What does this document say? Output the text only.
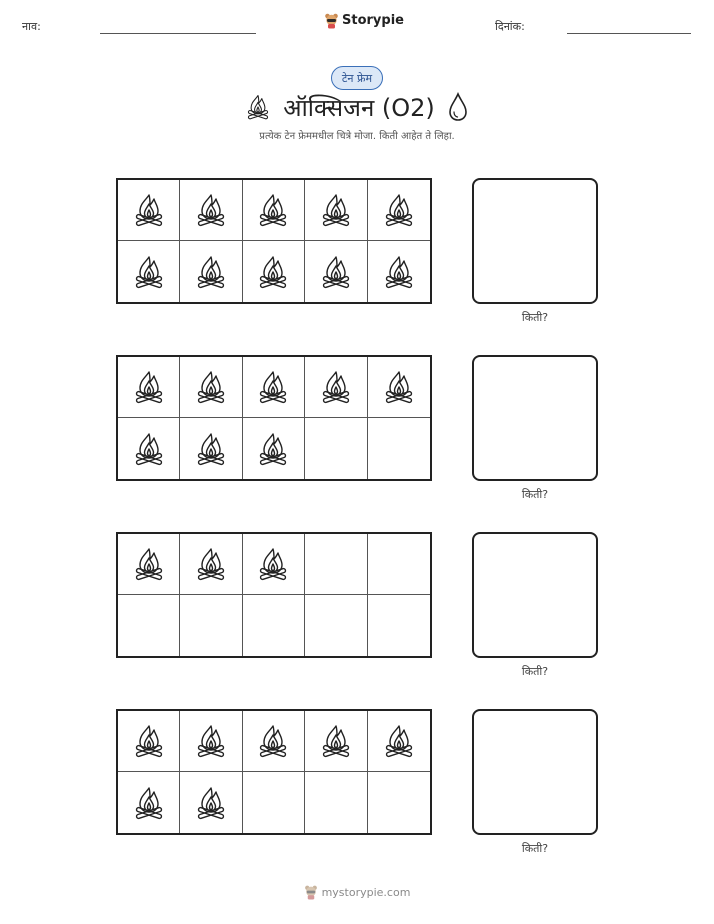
नाव:	Storypie	दिनांक:
टेन फ्रेम
ऑक्सिजन (O2)
प्रत्येक टेन फ्रेममधील चित्रे मोजा. किती आहेत ते लिहा.
किती?
किती?
किती?
किती?
mystorypie.com
